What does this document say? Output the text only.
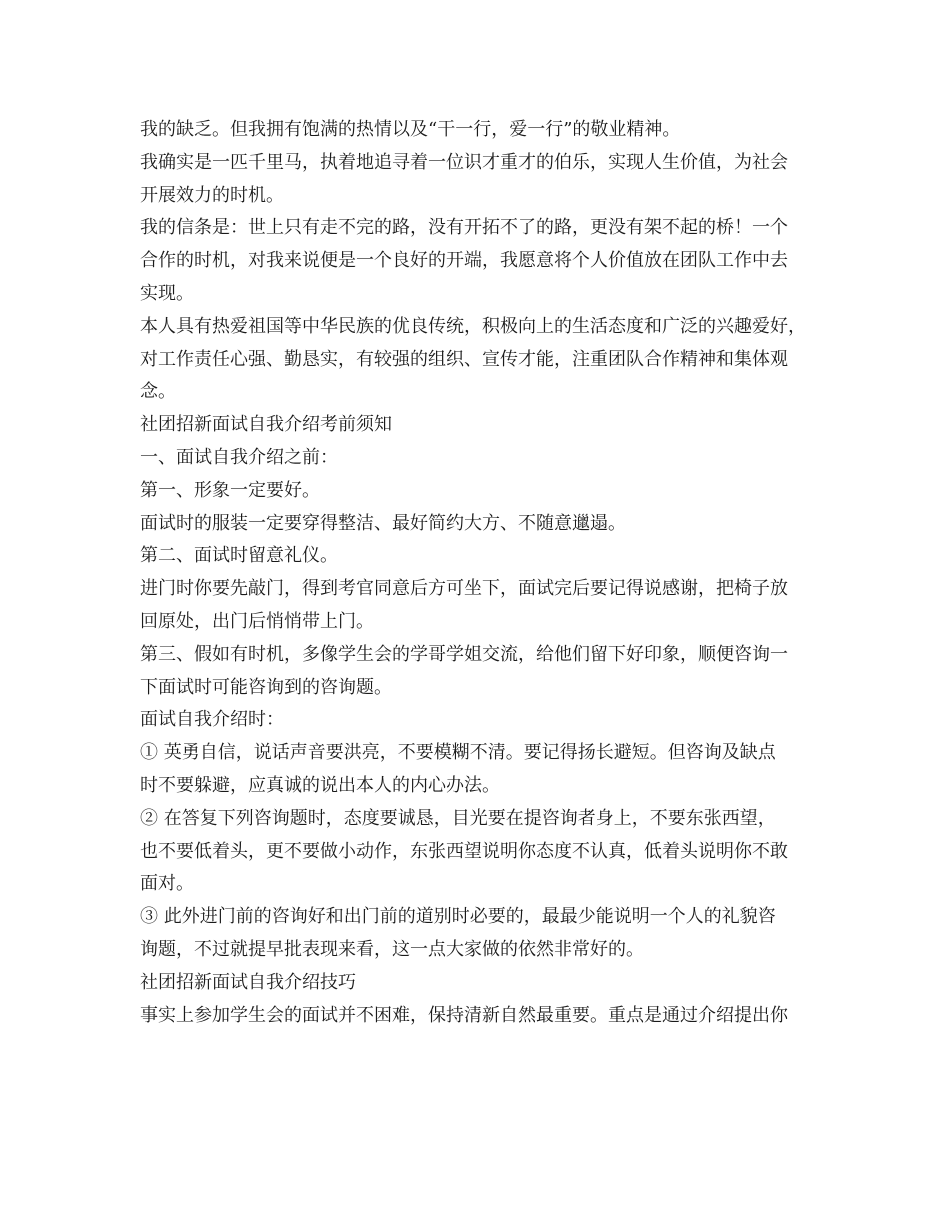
我的缺乏。但我拥有饱满的热情以及“干一行，爱一行”的敬业精神。
我确实是一匹千里马，执着地追寻着一位识才重才的伯乐，实现人生价值，为社会
开展效力的时机。
我的信条是：世上只有走不完的路，没有开拓不了的路，更没有架不起的桥！一个
合作的时机，对我来说便是一个良好的开端，我愿意将个人价值放在团队工作中去
实现。
本人具有热爱祖国等中华民族的优良传统，积极向上的生活态度和广泛的兴趣爱好，
对工作责任心强、勤恳实，有较强的组织、宣传才能，注重团队合作精神和集体观
念。
社团招新面试自我介绍考前须知
一、面试自我介绍之前：
第一、形象一定要好。
面试时的服装一定要穿得整洁、最好简约大方、不随意邋遢。
第二、面试时留意礼仪。
进门时你要先敲门，得到考官同意后方可坐下，面试完后要记得说感谢，把椅子放
回原处，出门后悄悄带上门。
第三、假如有时机，多像学生会的学哥学姐交流，给他们留下好印象，顺便咨询一
下面试时可能咨询到的咨询题。
面试自我介绍时：
① 英勇自信，说话声音要洪亮，不要模糊不清。要记得扬长避短。但咨询及缺点
时不要躲避，应真诚的说出本人的内心办法。
② 在答复下列咨询题时，态度要诚恳，目光要在提咨询者身上，不要东张西望，
也不要低着头，更不要做小动作，东张西望说明你态度不认真，低着头说明你不敢
面对。
③ 此外进门前的咨询好和出门前的道别时必要的，最最少能说明一个人的礼貌咨
询题，不过就提早批表现来看，这一点大家做的依然非常好的。
社团招新面试自我介绍技巧
事实上参加学生会的面试并不困难，保持清新自然最重要。重点是通过介绍提出你
